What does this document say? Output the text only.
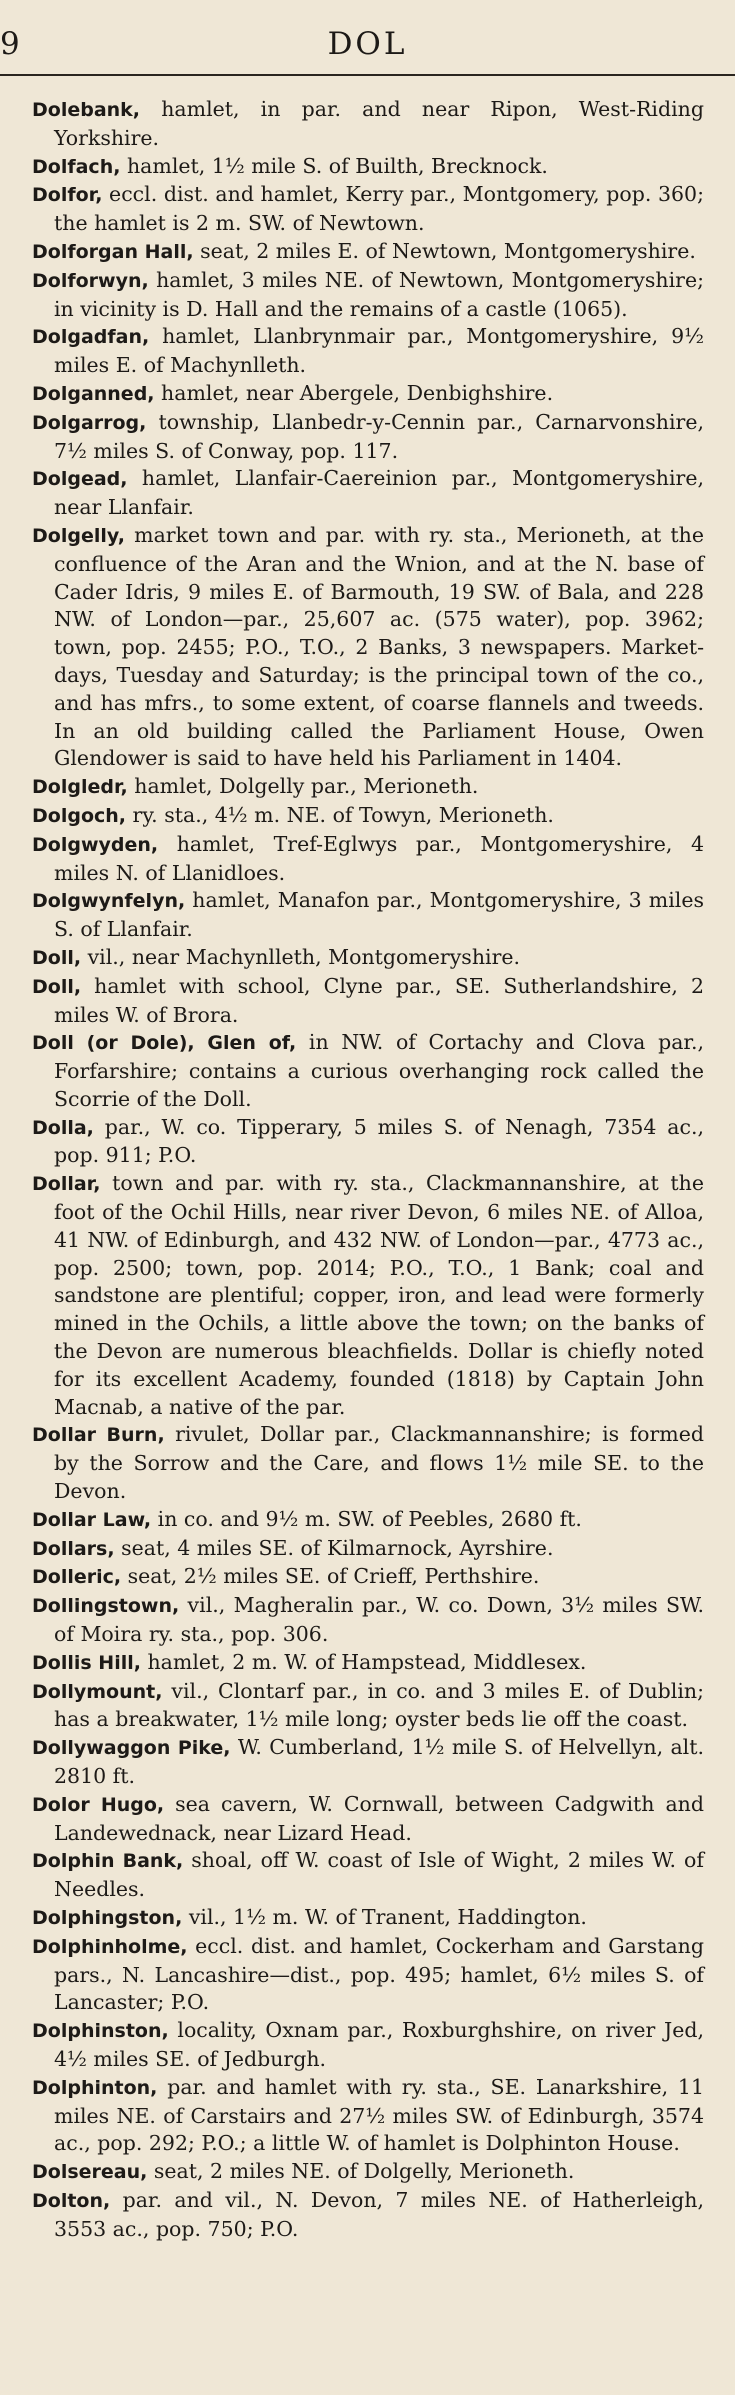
9	DOL

Dolebank, hamlet, in par. and near Ripon, West-Riding Yorkshire.

Dolfach, hamlet, 1½ mile S. of Builth, Brecknock.

Dolfor, eccl. dist. and hamlet, Kerry par., Montgomery, pop. 360; the hamlet is 2 m. SW. of Newtown.

Dolforgan Hall, seat, 2 miles E. of Newtown, Montgomeryshire.

Dolforwyn, hamlet, 3 miles NE. of Newtown, Montgomeryshire; in vicinity is D. Hall and the remains of a castle (1065).

Dolgadfan, hamlet, Llanbrynmair par., Montgomeryshire, 9½ miles E. of Machynlleth.

Dolganned, hamlet, near Abergele, Denbighshire.

Dolgarrog, township, Llanbedr-y-Cennin par., Carnarvonshire, 7½ miles S. of Conway, pop. 117.

Dolgead, hamlet, Llanfair-Caereinion par., Montgomeryshire, near Llanfair.

Dolgelly, market town and par. with ry. sta., Merioneth, at the confluence of the Aran and the Wnion, and at the N. base of Cader Idris, 9 miles E. of Barmouth, 19 SW. of Bala, and 228 NW. of London—par., 25,607 ac. (575 water), pop. 3962; town, pop. 2455; P.O., T.O., 2 Banks, 3 newspapers. Market-days, Tuesday and Saturday; is the principal town of the co., and has mfrs., to some extent, of coarse flannels and tweeds. In an old building called the Parliament House, Owen Glendower is said to have held his Parliament in 1404.

Dolgledr, hamlet, Dolgelly par., Merioneth.

Dolgoch, ry. sta., 4½ m. NE. of Towyn, Merioneth.

Dolgwyden, hamlet, Tref-Eglwys par., Montgomeryshire, 4 miles N. of Llanidloes.

Dolgwynfelyn, hamlet, Manafon par., Montgomeryshire, 3 miles S. of Llanfair.

Doll, vil., near Machynlleth, Montgomeryshire.

Doll, hamlet with school, Clyne par., SE. Sutherlandshire, 2 miles W. of Brora.

Doll (or Dole), Glen of, in NW. of Cortachy and Clova par., Forfarshire; contains a curious overhanging rock called the Scorrie of the Doll.

Dolla, par., W. co. Tipperary, 5 miles S. of Nenagh, 7354 ac., pop. 911; P.O.

Dollar, town and par. with ry. sta., Clackmannanshire, at the foot of the Ochil Hills, near river Devon, 6 miles NE. of Alloa, 41 NW. of Edinburgh, and 432 NW. of London—par., 4773 ac., pop. 2500; town, pop. 2014; P.O., T.O., 1 Bank; coal and sandstone are plentiful; copper, iron, and lead were formerly mined in the Ochils, a little above the town; on the banks of the Devon are numerous bleachfields. Dollar is chiefly noted for its excellent Academy, founded (1818) by Captain John Macnab, a native of the par.

Dollar Burn, rivulet, Dollar par., Clackmannanshire; is formed by the Sorrow and the Care, and flows 1½ mile SE. to the Devon.

Dollar Law, in co. and 9½ m. SW. of Peebles, 2680 ft.

Dollars, seat, 4 miles SE. of Kilmarnock, Ayrshire.

Dolleric, seat, 2½ miles SE. of Crieff, Perthshire.

Dollingstown, vil., Magheralin par., W. co. Down, 3½ miles SW. of Moira ry. sta., pop. 306.

Dollis Hill, hamlet, 2 m. W. of Hampstead, Middlesex.

Dollymount, vil., Clontarf par., in co. and 3 miles E. of Dublin; has a breakwater, 1½ mile long; oyster beds lie off the coast.

Dollywaggon Pike, W. Cumberland, 1½ mile S. of Helvellyn, alt. 2810 ft.

Dolor Hugo, sea cavern, W. Cornwall, between Cadgwith and Landewednack, near Lizard Head.

Dolphin Bank, shoal, off W. coast of Isle of Wight, 2 miles W. of Needles.

Dolphingston, vil., 1½ m. W. of Tranent, Haddington.

Dolphinholme, eccl. dist. and hamlet, Cockerham and Garstang pars., N. Lancashire—dist., pop. 495; hamlet, 6½ miles S. of Lancaster; P.O.

Dolphinston, locality, Oxnam par., Roxburghshire, on river Jed, 4½ miles SE. of Jedburgh.

Dolphinton, par. and hamlet with ry. sta., SE. Lanarkshire, 11 miles NE. of Carstairs and 27½ miles SW. of Edinburgh, 3574 ac., pop. 292; P.O.; a little W. of hamlet is Dolphinton House.

Dolsereau, seat, 2 miles NE. of Dolgelly, Merioneth.

Dolton, par. and vil., N. Devon, 7 miles NE. of Hatherleigh, 3553 ac., pop. 750; P.O.
